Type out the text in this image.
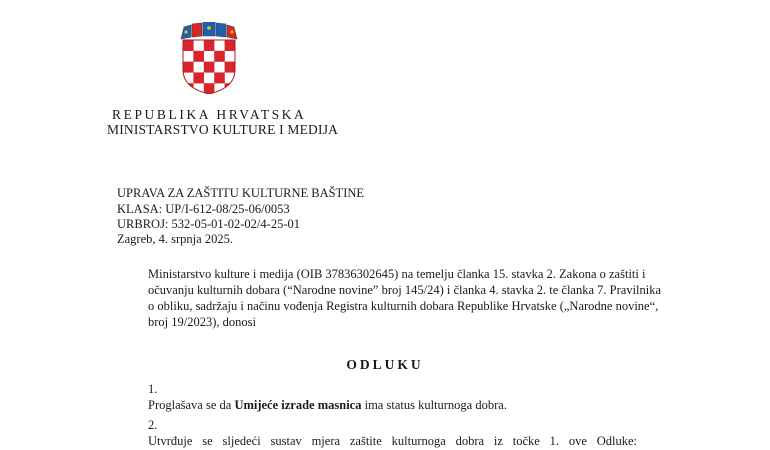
REPUBLIKA HRVATSKA
MINISTARSTVO KULTURE I MEDIJA
UPRAVA ZA ZAŠTITU KULTURNE BAŠTINE
KLASA: UP/I-612-08/25-06/0053
URBROJ: 532-05-01-02-02/4-25-01
Zagreb, 4. srpnja 2025.
Ministarstvo kulture i medija (OIB 37836302645) na temelju članka 15. stavka 2. Zakona o zaštiti i
očuvanju kulturnih dobara (“Narodne novine” broj 145/24) i članka 4. stavka 2. te članka 7. Pravilnika
o obliku, sadržaju i načinu vođenja Registra kulturnih dobara Republike Hrvatske („Narodne novine“,
broj 19/2023), donosi
ODLUKU
1.
Proglašava se da Umijeće izrade masnica ima status kulturnoga dobra.
2.
Utvrđuje se sljedeći sustav mjera zaštite kulturnoga dobra iz točke 1. ove Odluke:
